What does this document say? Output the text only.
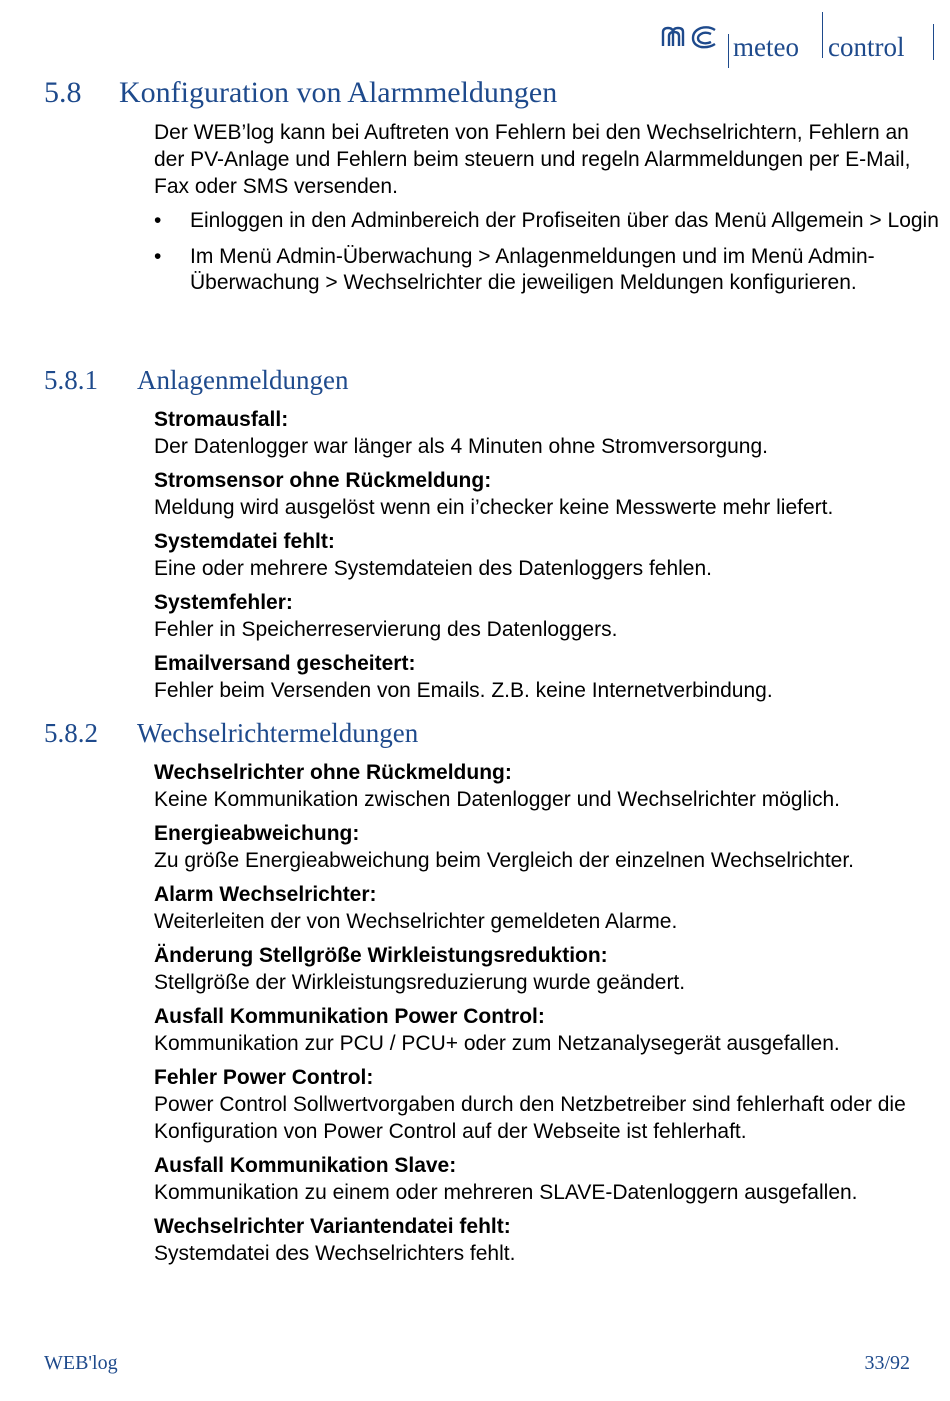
meteo control
5.8 Konfiguration von Alarmmeldungen
Der WEB’log kann bei Auftreten von Fehlern bei den Wechselrichtern, Fehlern an der PV-Anlage und Fehlern beim steuern und regeln Alarmmeldungen per E-Mail, Fax oder SMS versenden.
• Einloggen in den Adminbereich der Profiseiten über das Menü Allgemein > Login
• Im Menü Admin-Überwachung > Anlagenmeldungen und im Menü Admin-Überwachung > Wechselrichter die jeweiligen Meldungen konfigurieren.
5.8.1 Anlagenmeldungen
Stromausfall:
Der Datenlogger war länger als 4 Minuten ohne Stromversorgung.
Stromsensor ohne Rückmeldung:
Meldung wird ausgelöst wenn ein i’checker keine Messwerte mehr liefert.
Systemdatei fehlt:
Eine oder mehrere Systemdateien des Datenloggers fehlen.
Systemfehler:
Fehler in Speicherreservierung des Datenloggers.
Emailversand gescheitert:
Fehler beim Versenden von Emails. Z.B. keine Internetverbindung.
5.8.2 Wechselrichtermeldungen
Wechselrichter ohne Rückmeldung:
Keine Kommunikation zwischen Datenlogger und Wechselrichter möglich.
Energieabweichung:
Zu größe Energieabweichung beim Vergleich der einzelnen Wechselrichter.
Alarm Wechselrichter:
Weiterleiten der von Wechselrichter gemeldeten Alarme.
Änderung Stellgröße Wirkleistungsreduktion:
Stellgröße der Wirkleistungsreduzierung wurde geändert.
Ausfall Kommunikation Power Control:
Kommunikation zur PCU / PCU+ oder zum Netzanalysegerät ausgefallen.
Fehler Power Control:
Power Control Sollwertvorgaben durch den Netzbetreiber sind fehlerhaft oder die Konfiguration von Power Control auf der Webseite ist fehlerhaft.
Ausfall Kommunikation Slave:
Kommunikation zu einem oder mehreren SLAVE-Datenloggern ausgefallen.
Wechselrichter Variantendatei fehlt:
Systemdatei des Wechselrichters fehlt.
WEB'log	33/92
